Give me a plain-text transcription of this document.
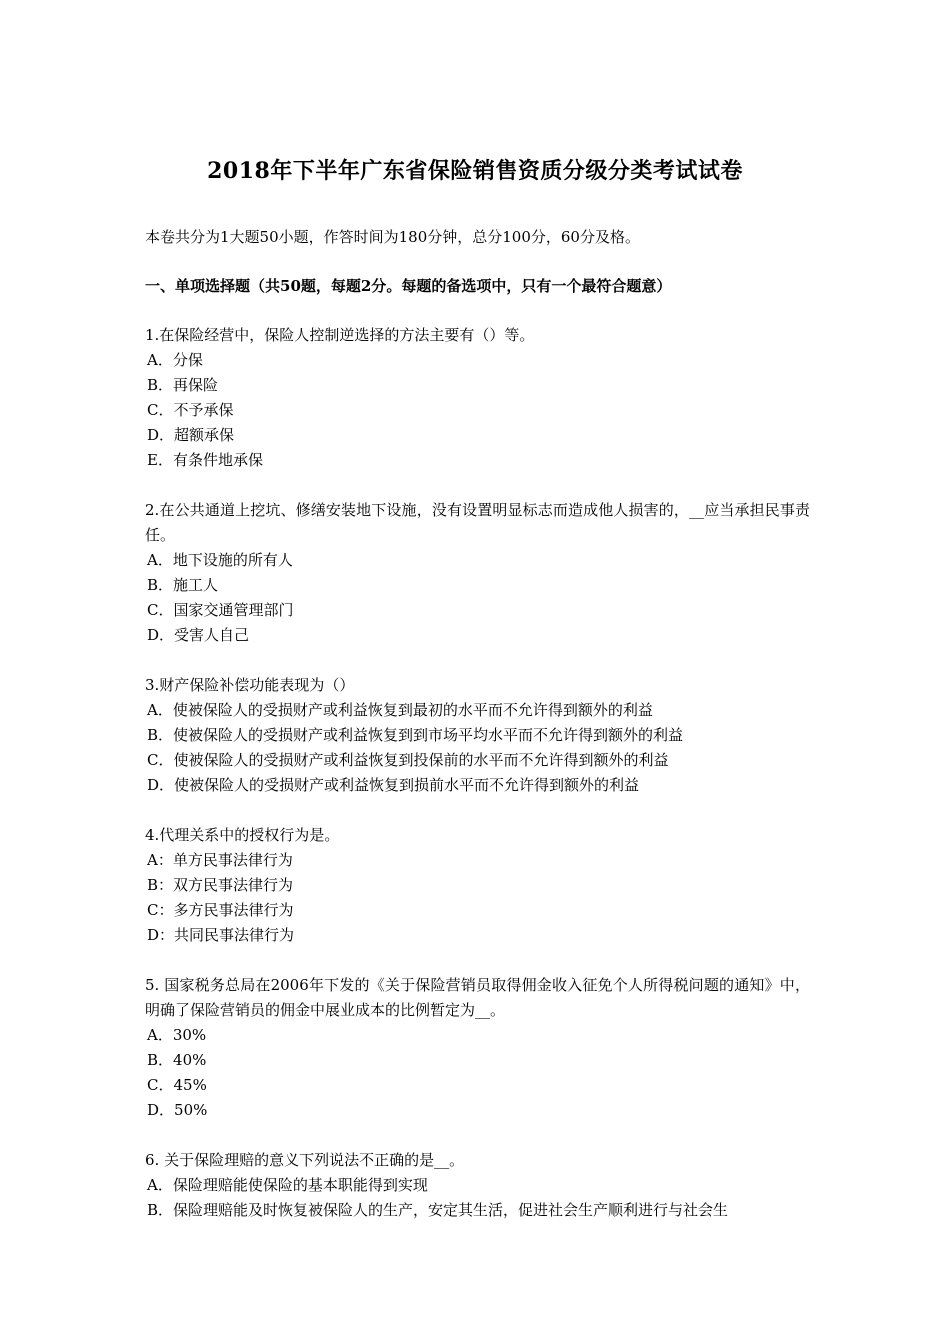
2018年下半年广东省保险销售资质分级分类考试试卷
本卷共分为1大题50小题，作答时间为180分钟，总分100分，60分及格。
一、单项选择题（共50题，每题2分。每题的备选项中，只有一个最符合题意）

1.在保险经营中，保险人控制逆选择的方法主要有（）等。

A．分保
B．再保险
C．不予承保
D．超额承保
E．有条件地承保

2.在公共通道上挖坑、修缮安装地下设施，没有设置明显标志而造成他人损害的，__应当承担民事责任。

A．地下设施的所有人
B．施工人
C．国家交通管理部门
D．受害人自己

3.财产保险补偿功能表现为（）

A．使被保险人的受损财产或利益恢复到最初的水平而不允许得到额外的利益
B．使被保险人的受损财产或利益恢复到到市场平均水平而不允许得到额外的利益
C．使被保险人的受损财产或利益恢复到投保前的水平而不允许得到额外的利益
D．使被保险人的受损财产或利益恢复到损前水平而不允许得到额外的利益

4.代理关系中的授权行为是。

A：单方民事法律行为
B：双方民事法律行为
C：多方民事法律行为
D：共同民事法律行为

5. 国家税务总局在2006年下发的《关于保险营销员取得佣金收入征免个人所得税问题的通知》中，明确了保险营销员的佣金中展业成本的比例暂定为__。

A．30%
B．40%
C．45%
D．50%

6. 关于保险理赔的意义下列说法不正确的是__。

A．保险理赔能使保险的基本职能得到实现
B．保险理赔能及时恢复被保险人的生产，安定其生活，促进社会生产顺利进行与社会生
